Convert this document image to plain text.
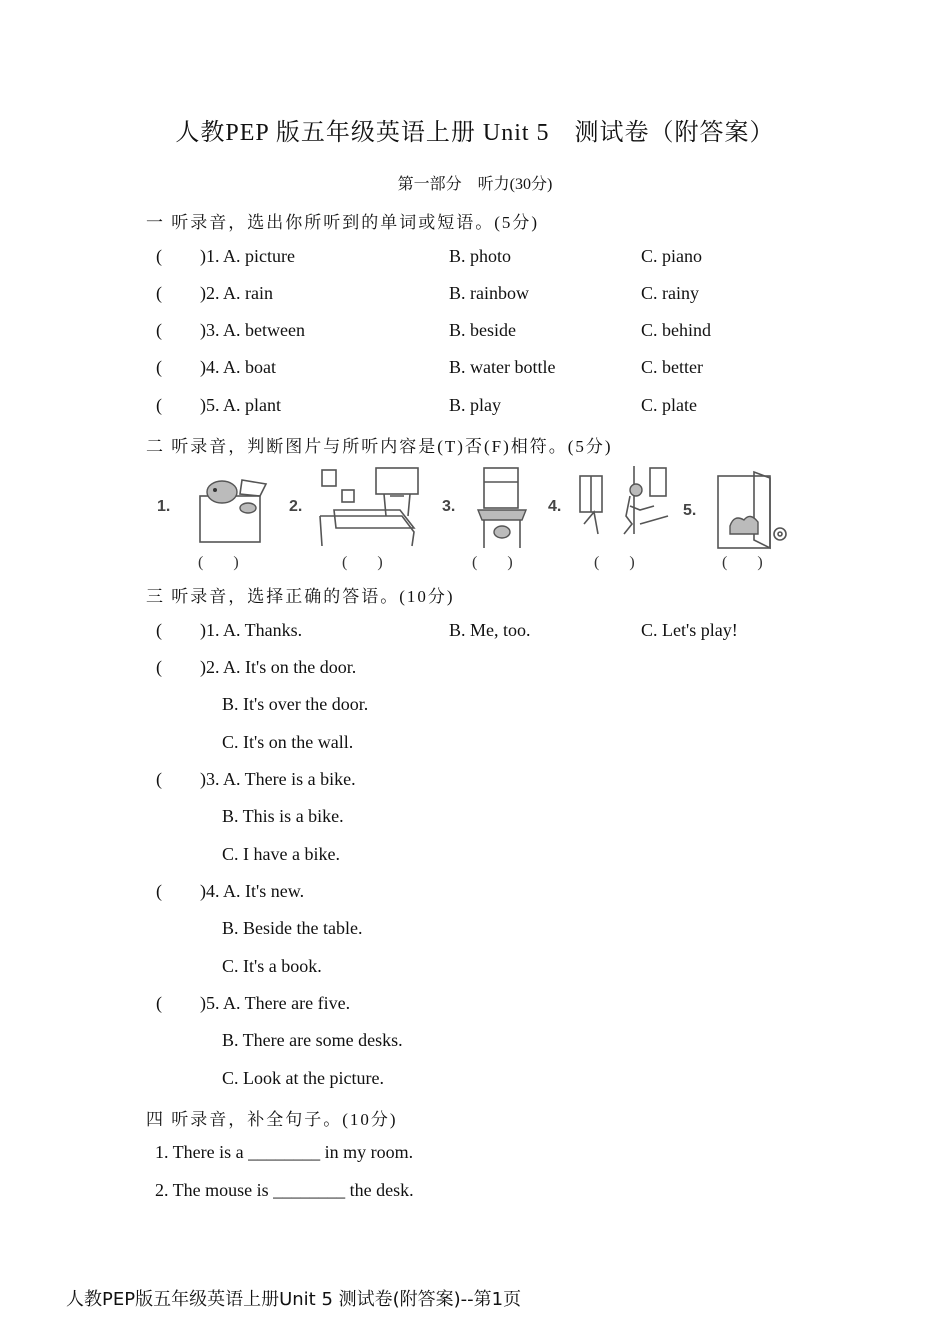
人教PEP 版五年级英语上册 Unit 5　测试卷（附答案）
第一部分　听力(30分)
一 听录音，选出你所听到的单词或短语。(5分)
( )1. A. picture	B. photo	C. piano
( )2. A. rain	B. rainbow	C. rainy
( )3. A. between	B. beside	C. behind
( )4. A. boat	B. water bottle	C. better
( )5. A. plant	B. play	C. plate
二 听录音，判断图片与所听内容是(T)否(F)相符。(5分)
1.	2.	3.	4.	5.
()	()	()	()	()
三 听录音，选择正确的答语。(10分)
( )1. A. Thanks.	B. Me, too.	C. Let's play!
( )2. A. It's on the door.
B. It's over the door.
C. It's on the wall.
( )3. A. There is a bike.
B. This is a bike.
C. I have a bike.
( )4. A. It's new.
B. Beside the table.
C. It's a book.
( )5. A. There are five.
B. There are some desks.
C. Look at the picture.
四 听录音，补全句子。(10分)
1. There is a ________ in my room.
2. The mouse is ________ the desk.
人教PEP版五年级英语上册Unit 5 测试卷(附答案)--第1页
